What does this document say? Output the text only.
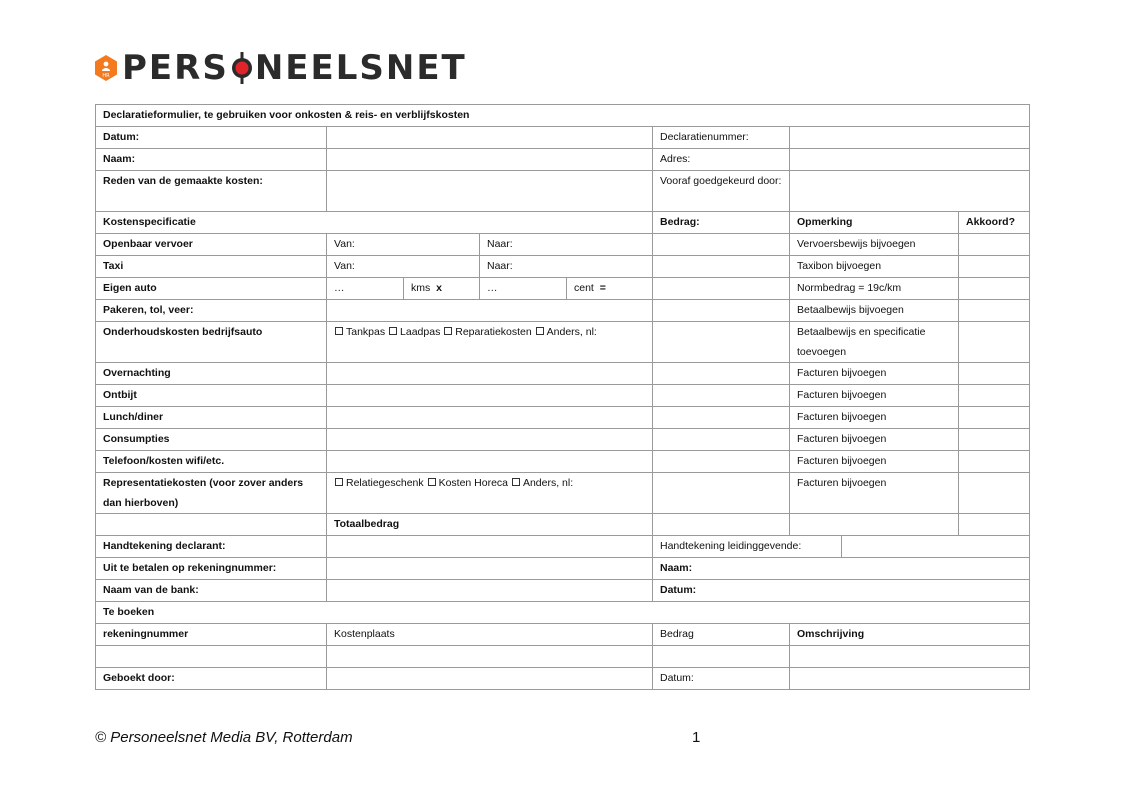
HR PERS NEELSNET
Declaratieformulier, te gebruiken voor onkosten & reis- en verblijfskosten								
Datum:					Declaratienummer:			
Naam:					Adres:			
Reden van de gemaakte kosten:					Vooraf goedgekeurd door:			
Kostenspecificatie					Bedrag:	Opmerking		Akkoord?
Openbaar vervoer	Van:		Naar:			Vervoersbewijs bijvoegen		
Taxi	Van:		Naar:			Taxibon bijvoegen		
Eigen auto	…	kms x	…	cent =		Normbedrag = 19c/km		
Pakeren, tol, veer:						Betaalbewijs bijvoegen		
Onderhoudskosten bedrijfsauto	Tankpas Laadpas Reparatiekosten Anders, nl:					Betaalbewijs en specificatie toevoegen		
Overnachting						Facturen bijvoegen		
Ontbijt						Facturen bijvoegen		
Lunch/diner						Facturen bijvoegen		
Consumpties						Facturen bijvoegen		
Telefoon/kosten wifi/etc.						Facturen bijvoegen		
Representatiekosten (voor zover anders dan hierboven)	Relatiegeschenk Kosten Horeca Anders, nl:					Facturen bijvoegen		
	Totaalbedrag							
Handtekening declarant:					Handtekening leidinggevende:			
Uit te betalen op rekeningnummer:					Naam:			
Naam van de bank:					Datum:			
Te boeken								
rekeningnummer	Kostenplaats				Bedrag	Omschrijving		

Geboekt door:					Datum:			
© Personeelsnet Media BV, Rotterdam	1
